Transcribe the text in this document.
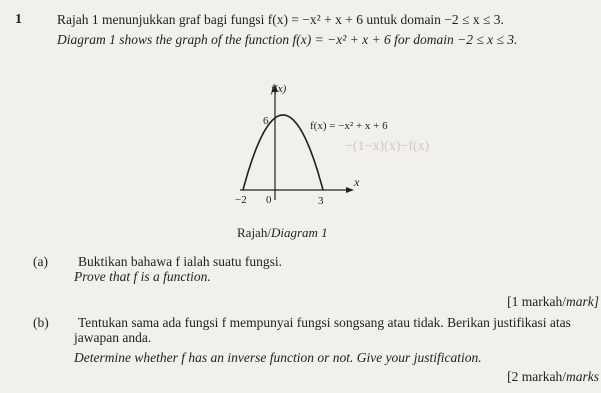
1	Rajah 1 menunjukkan graf bagi fungsi f(x) = −x² + x + 6 untuk domain −2 ≤ x ≤ 3.
Diagram 1 shows the graph of the function f(x) = −x² + x + 6 for domain −2 ≤ x ≤ 3.
−(1−x)(x)−f(x)
f(x)
x
6
−2 0	3
f(x) = −x² + x + 6
Rajah/Diagram 1
(a) Buktikan bahawa f ialah suatu fungsi.
Prove that f is a function.
[1 markah/mark]
(b) Tentukan sama ada fungsi f mempunyai fungsi songsang atau tidak. Berikan justifikasi atas
jawapan anda.
Determine whether f has an inverse function or not. Give your justification.
[2 markah/marks
